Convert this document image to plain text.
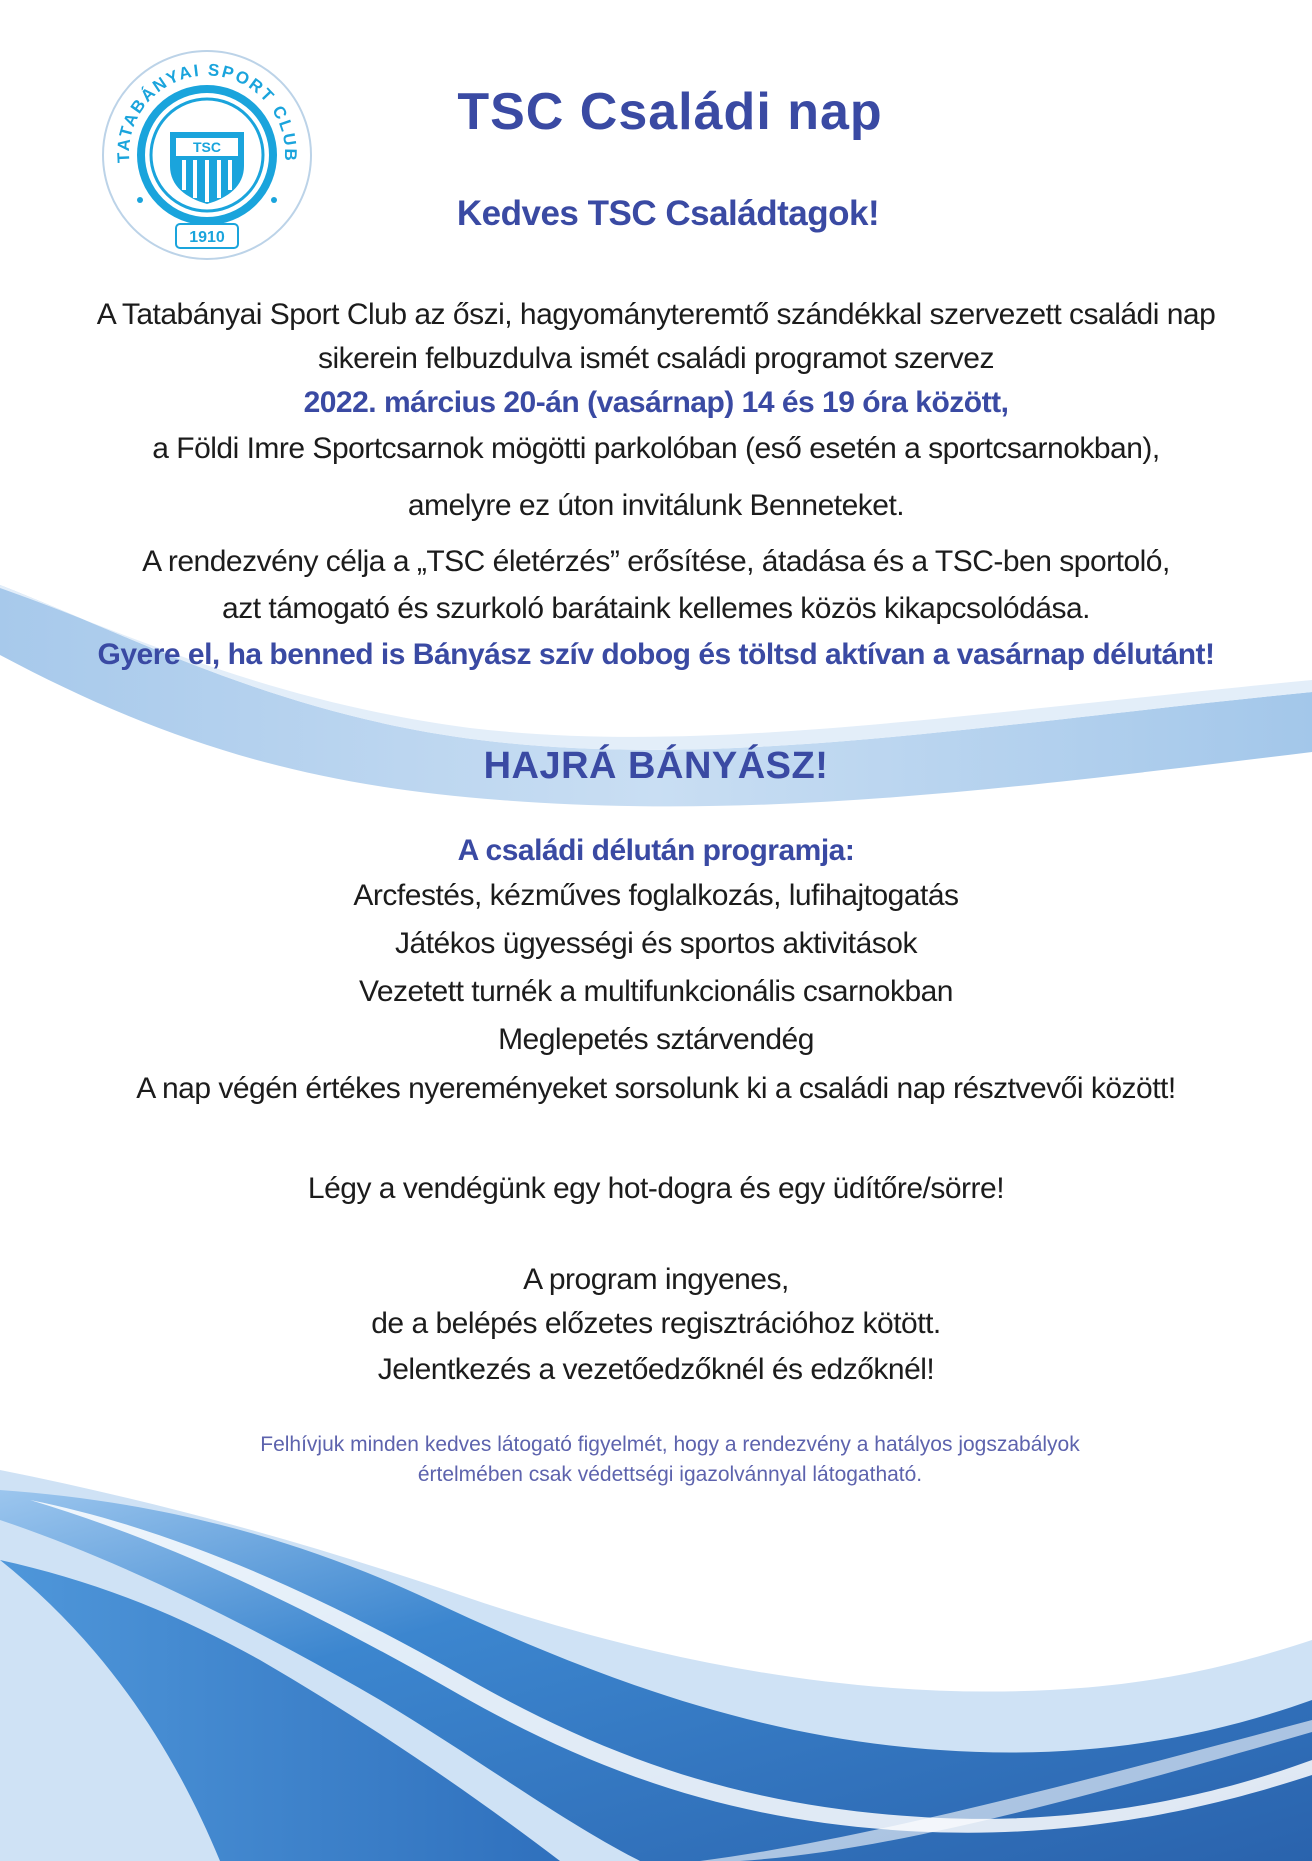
TSC
TATABÁNYAI SPORT CLUB
1910
TSC Családi nap
Kedves TSC Családtagok!
A Tatabányai Sport Club az őszi, hagyományteremtő szándékkal szervezett családi nap
sikerein felbuzdulva ismét családi programot szervez
2022. március 20-án (vasárnap) 14 és 19 óra között,
a Földi Imre Sportcsarnok mögötti parkolóban (eső esetén a sportcsarnokban),
amelyre ez úton invitálunk Benneteket.
A rendezvény célja a „TSC életérzés” erősítése, átadása és a TSC-ben sportoló,
azt támogató és szurkoló barátaink kellemes közös kikapcsolódása.
Gyere el, ha benned is Bányász szív dobog és töltsd aktívan a vasárnap délutánt!
HAJRÁ BÁNYÁSZ!
A családi délután programja:
Arcfestés, kézműves foglalkozás, lufihajtogatás
Játékos ügyességi és sportos aktivitások
Vezetett turnék a multifunkcionális csarnokban
Meglepetés sztárvendég
A nap végén értékes nyereményeket sorsolunk ki a családi nap résztvevői között!
Légy a vendégünk egy hot-dogra és egy üdítőre/sörre!
A program ingyenes,
de a belépés előzetes regisztrációhoz kötött.
Jelentkezés a vezetőedzőknél és edzőknél!
Felhívjuk minden kedves látogató figyelmét, hogy a rendezvény a hatályos jogszabályok
értelmében csak védettségi igazolvánnyal látogatható.
